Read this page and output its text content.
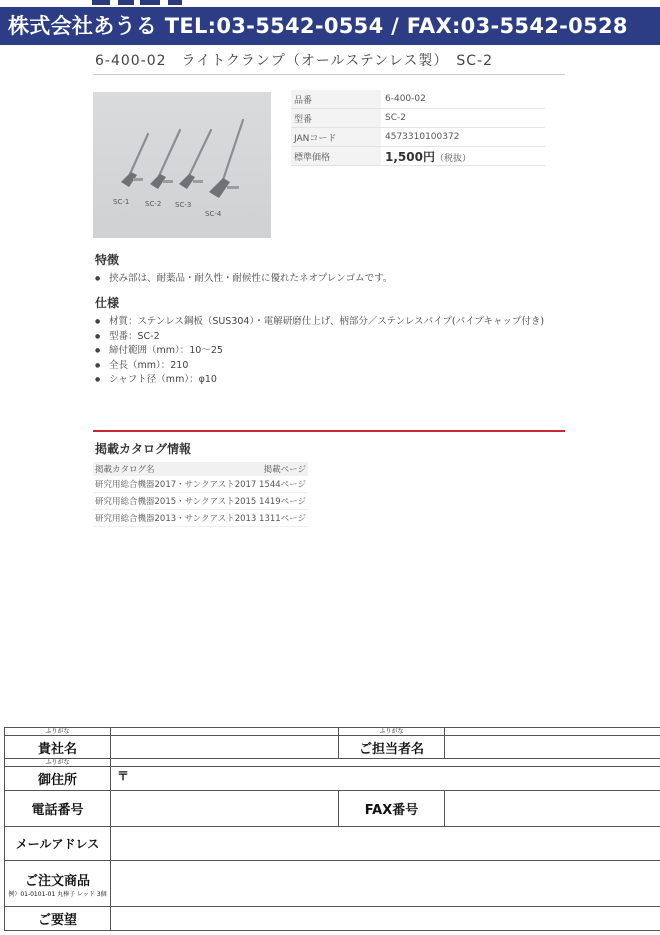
株式会社あうる TEL:03-5542-0554 / FAX:03-5542-0528
6-400-02　ライトクランプ（オールステンレス製）　SC-2
SC-1 SC-2 SC-3
SC-4
品番	6-400-02
型番	SC-2
JANコード	4573310100372
標準価格	1,500円（税抜）
特徴
● 挟み部は、耐薬品・耐久性・耐候性に優れたネオプレンゴムです。
仕様
● 材質：ステンレス鋼板（SUS304）・電解研磨仕上げ、柄部分／ステンレスパイプ(パイプキャップ付き)
● 型番：SC-2
● 締付範囲（mm）：10〜25
● 全長（mm）：210
● シャフト径（mm）：φ10
掲載カタログ情報
掲載カタログ名	掲載ページ
研究用総合機器2017・サンクアスト2017 1544ページ
研究用総合機器2015・サンクアスト2015 1419ページ
研究用総合機器2013・サンクアスト2013 1311ページ
ふりがな		ふりがな	
貴社名		ご担当者名	
ふりがな			
御住所	〒		
電話番号		FAX番号	
メールアドレス			
ご注文商品
例）01-0101-01 丸棒子 レッド 3個			

ご要望			
